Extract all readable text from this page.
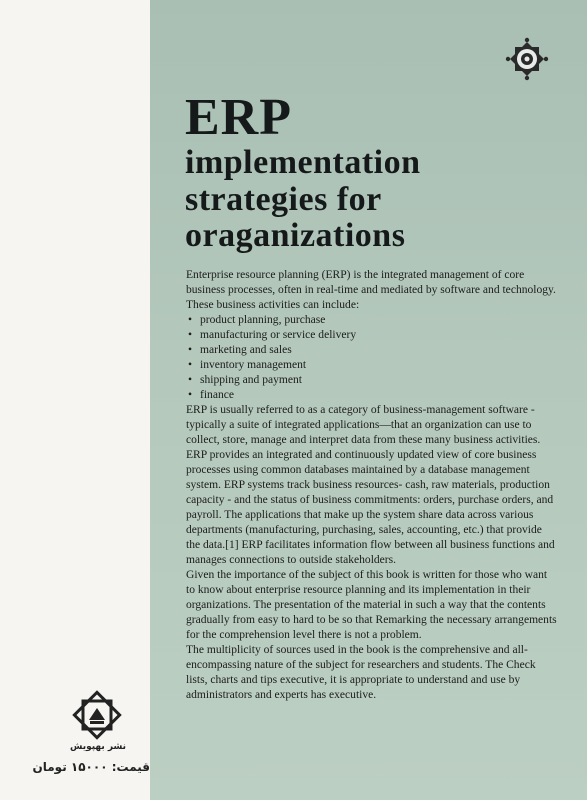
ERP
implementation
strategies for
oraganizations

Enterprise resource planning (ERP) is the integrated management of core business processes, often in real-time and mediated by software and technology. These business activities can include:

• product planning, purchase
• manufacturing or service delivery
• marketing and sales
• inventory management
• shipping and payment
• finance

ERP is usually referred to as a category of business-management software - typically a suite of integrated applications—that an organization can use to collect, store, manage and interpret data from these many business activities.

ERP provides an integrated and continuously updated view of core business processes using common databases maintained by a database management system. ERP systems track business resources- cash, raw materials, production capacity - and the status of business commitments: orders, purchase orders, and payroll. The applications that make up the system share data across various departments (manufacturing, purchasing, sales, accounting, etc.) that provide the data.[1] ERP facilitates information flow between all business functions and manages connections to outside stakeholders.

Given the importance of the subject of this book is written for those who want to know about enterprise resource planning and its implementation in their organizations. The presentation of the material in such a way that the contents gradually from easy to hard to be so that Remarking the necessary arrangements for the comprehension level there is not a problem.

The multiplicity of sources used in the book is the comprehensive and all-encompassing nature of the subject for researchers and students. The Check lists, charts and tips executive, it is appropriate to understand and use by administrators and experts has executive.

نشر بهپویش
قیمت: ۱۵۰۰۰ تومان
